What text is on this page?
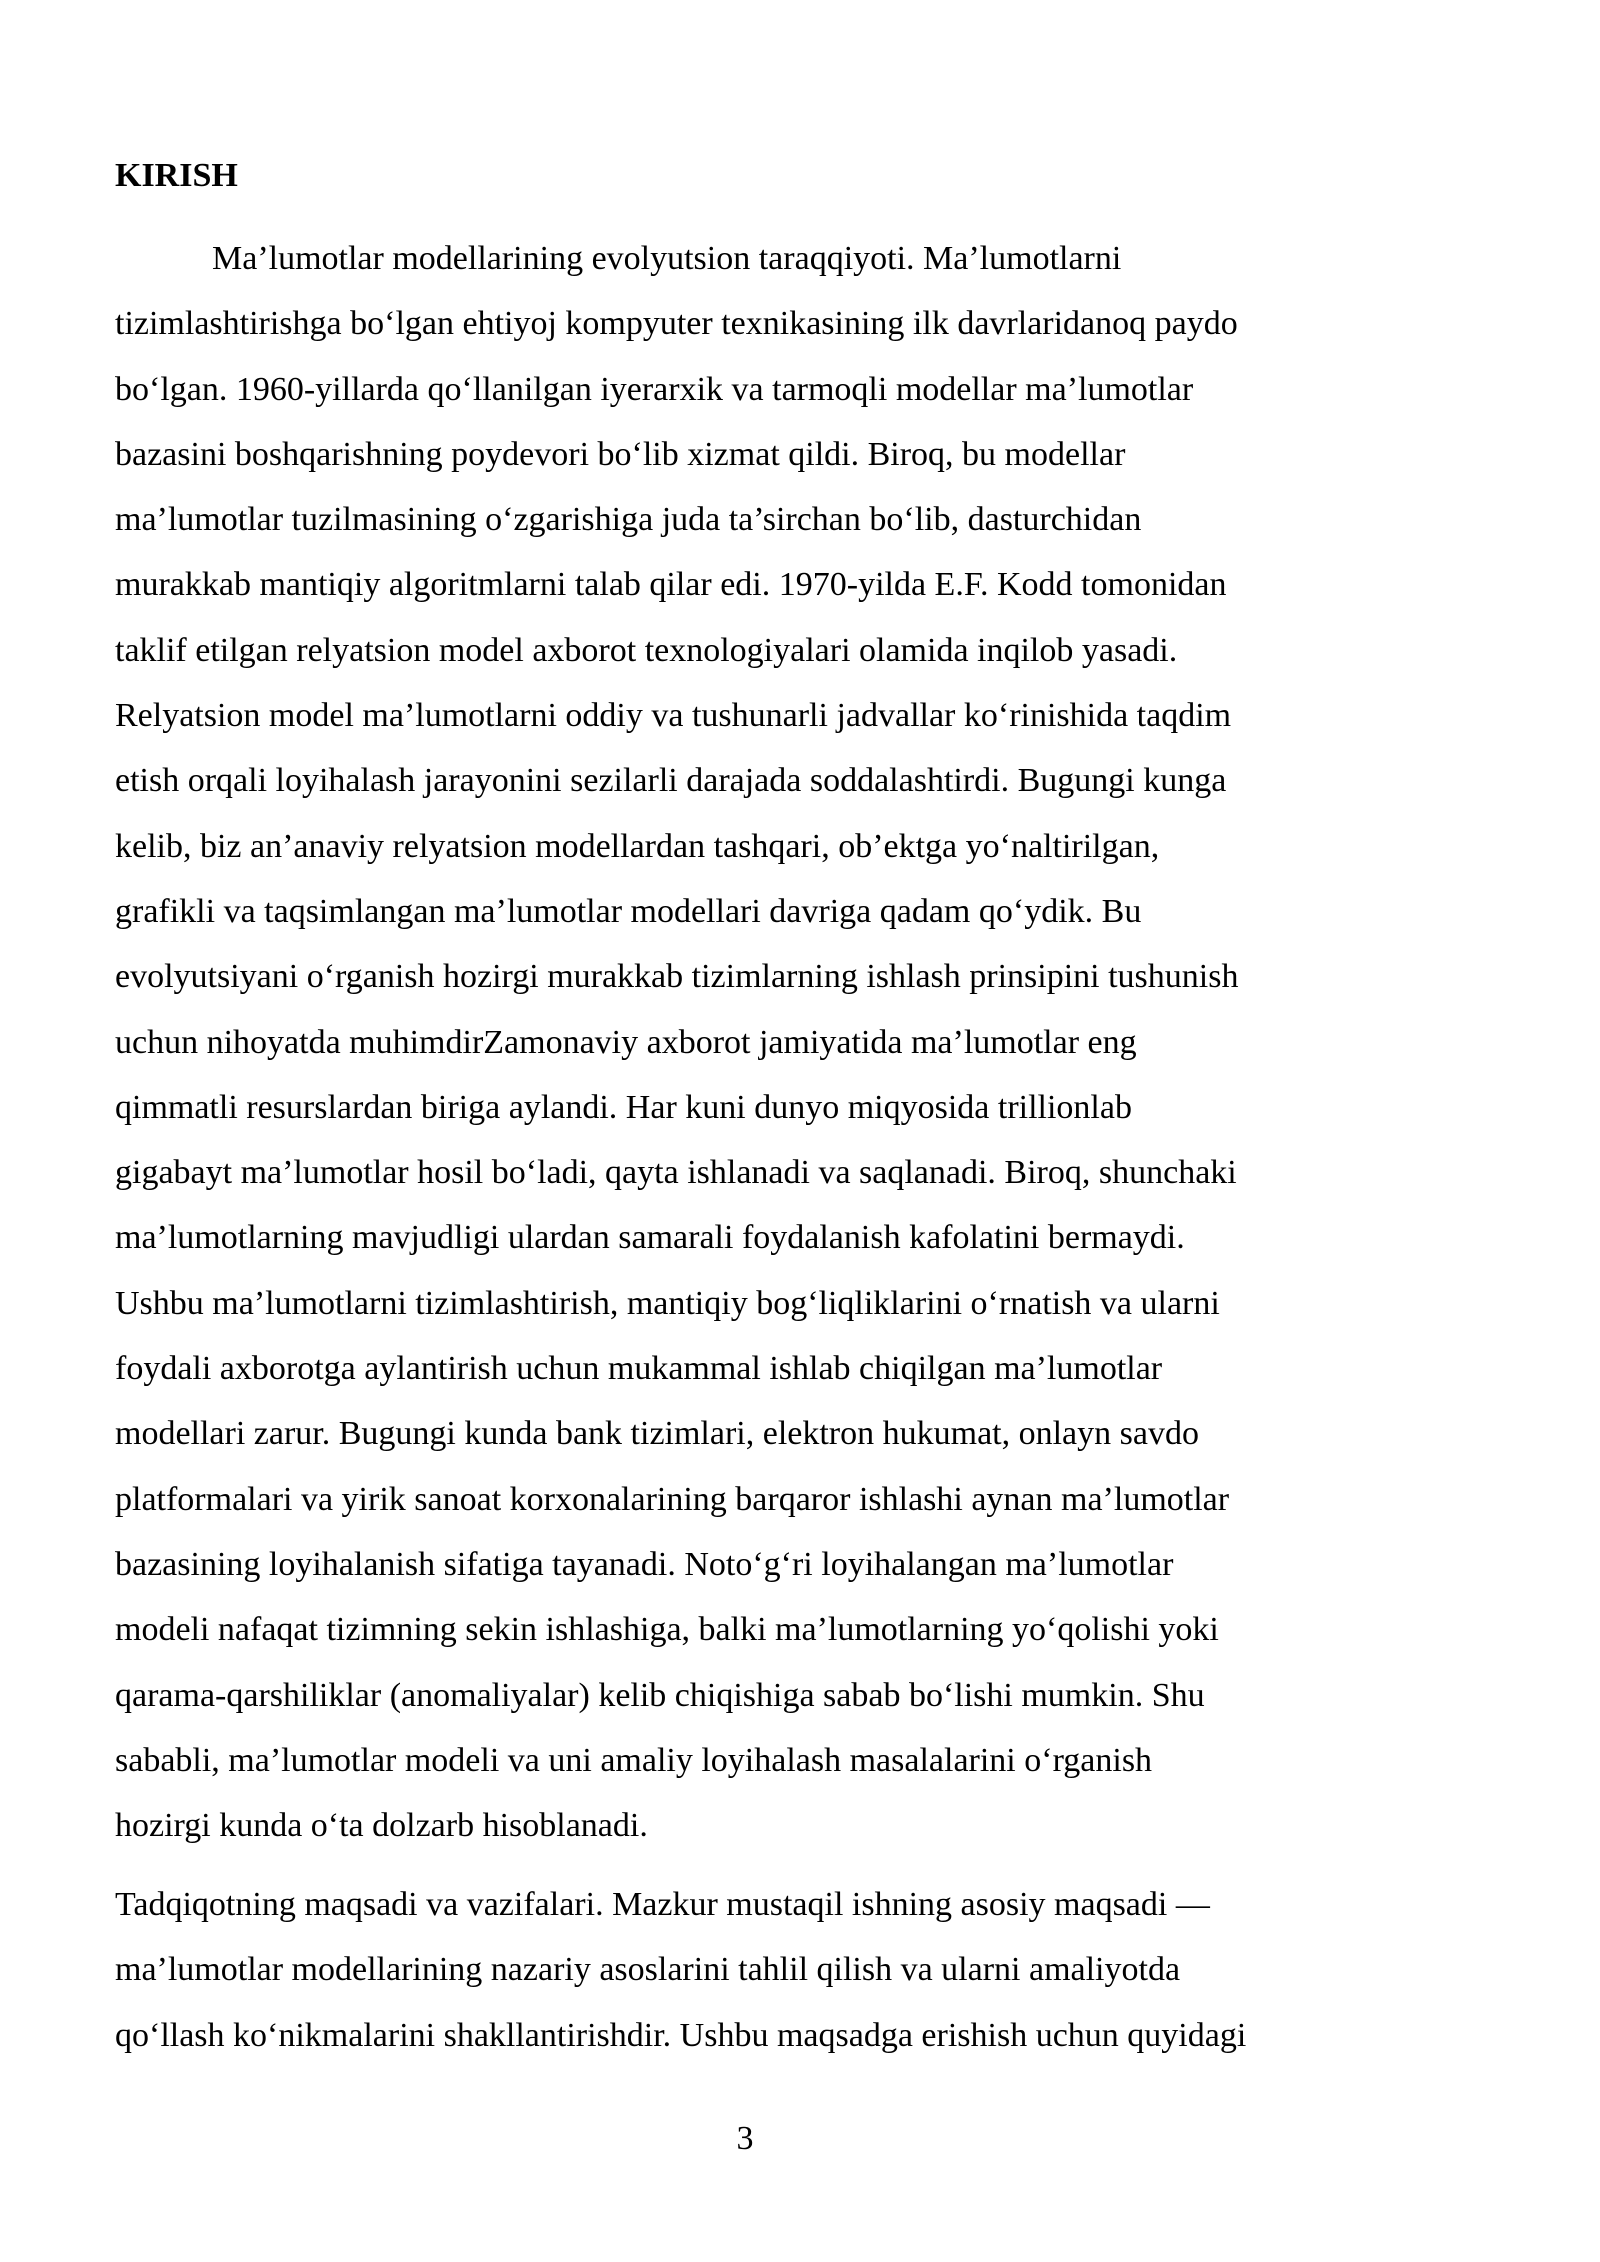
KIRISH
Ma’lumotlar modellarining evolyutsion taraqqiyoti. Ma’lumotlarni
tizimlashtirishga bo‘lgan ehtiyoj kompyuter texnikasining ilk davrlaridanoq paydo
bo‘lgan. 1960-yillarda qo‘llanilgan iyerarxik va tarmoqli modellar ma’lumotlar
bazasini boshqarishning poydevori bo‘lib xizmat qildi. Biroq, bu modellar
ma’lumotlar tuzilmasining o‘zgarishiga juda ta’sirchan bo‘lib, dasturchidan
murakkab mantiqiy algoritmlarni talab qilar edi. 1970-yilda E.F. Kodd tomonidan
taklif etilgan relyatsion model axborot texnologiyalari olamida inqilob yasadi.
Relyatsion model ma’lumotlarni oddiy va tushunarli jadvallar ko‘rinishida taqdim
etish orqali loyihalash jarayonini sezilarli darajada soddalashtirdi. Bugungi kunga
kelib, biz an’anaviy relyatsion modellardan tashqari, ob’ektga yo‘naltirilgan,
grafikli va taqsimlangan ma’lumotlar modellari davriga qadam qo‘ydik. Bu
evolyutsiyani o‘rganish hozirgi murakkab tizimlarning ishlash prinsipini tushunish
uchun nihoyatda muhimdirZamonaviy axborot jamiyatida ma’lumotlar eng
qimmatli resurslardan biriga aylandi. Har kuni dunyo miqyosida trillionlab
gigabayt ma’lumotlar hosil bo‘ladi, qayta ishlanadi va saqlanadi. Biroq, shunchaki
ma’lumotlarning mavjudligi ulardan samarali foydalanish kafolatini bermaydi.
Ushbu ma’lumotlarni tizimlashtirish, mantiqiy bog‘liqliklarini o‘rnatish va ularni
foydali axborotga aylantirish uchun mukammal ishlab chiqilgan ma’lumotlar
modellari zarur. Bugungi kunda bank tizimlari, elektron hukumat, onlayn savdo
platformalari va yirik sanoat korxonalarining barqaror ishlashi aynan ma’lumotlar
bazasining loyihalanish sifatiga tayanadi. Noto‘g‘ri loyihalangan ma’lumotlar
modeli nafaqat tizimning sekin ishlashiga, balki ma’lumotlarning yo‘qolishi yoki
qarama-qarshiliklar (anomaliyalar) kelib chiqishiga sabab bo‘lishi mumkin. Shu
sababli, ma’lumotlar modeli va uni amaliy loyihalash masalalarini o‘rganish
hozirgi kunda o‘ta dolzarb hisoblanadi.
Tadqiqotning maqsadi va vazifalari. Mazkur mustaqil ishning asosiy maqsadi —
ma’lumotlar modellarining nazariy asoslarini tahlil qilish va ularni amaliyotda
qo‘llash ko‘nikmalarini shakllantirishdir. Ushbu maqsadga erishish uchun quyidagi
3
